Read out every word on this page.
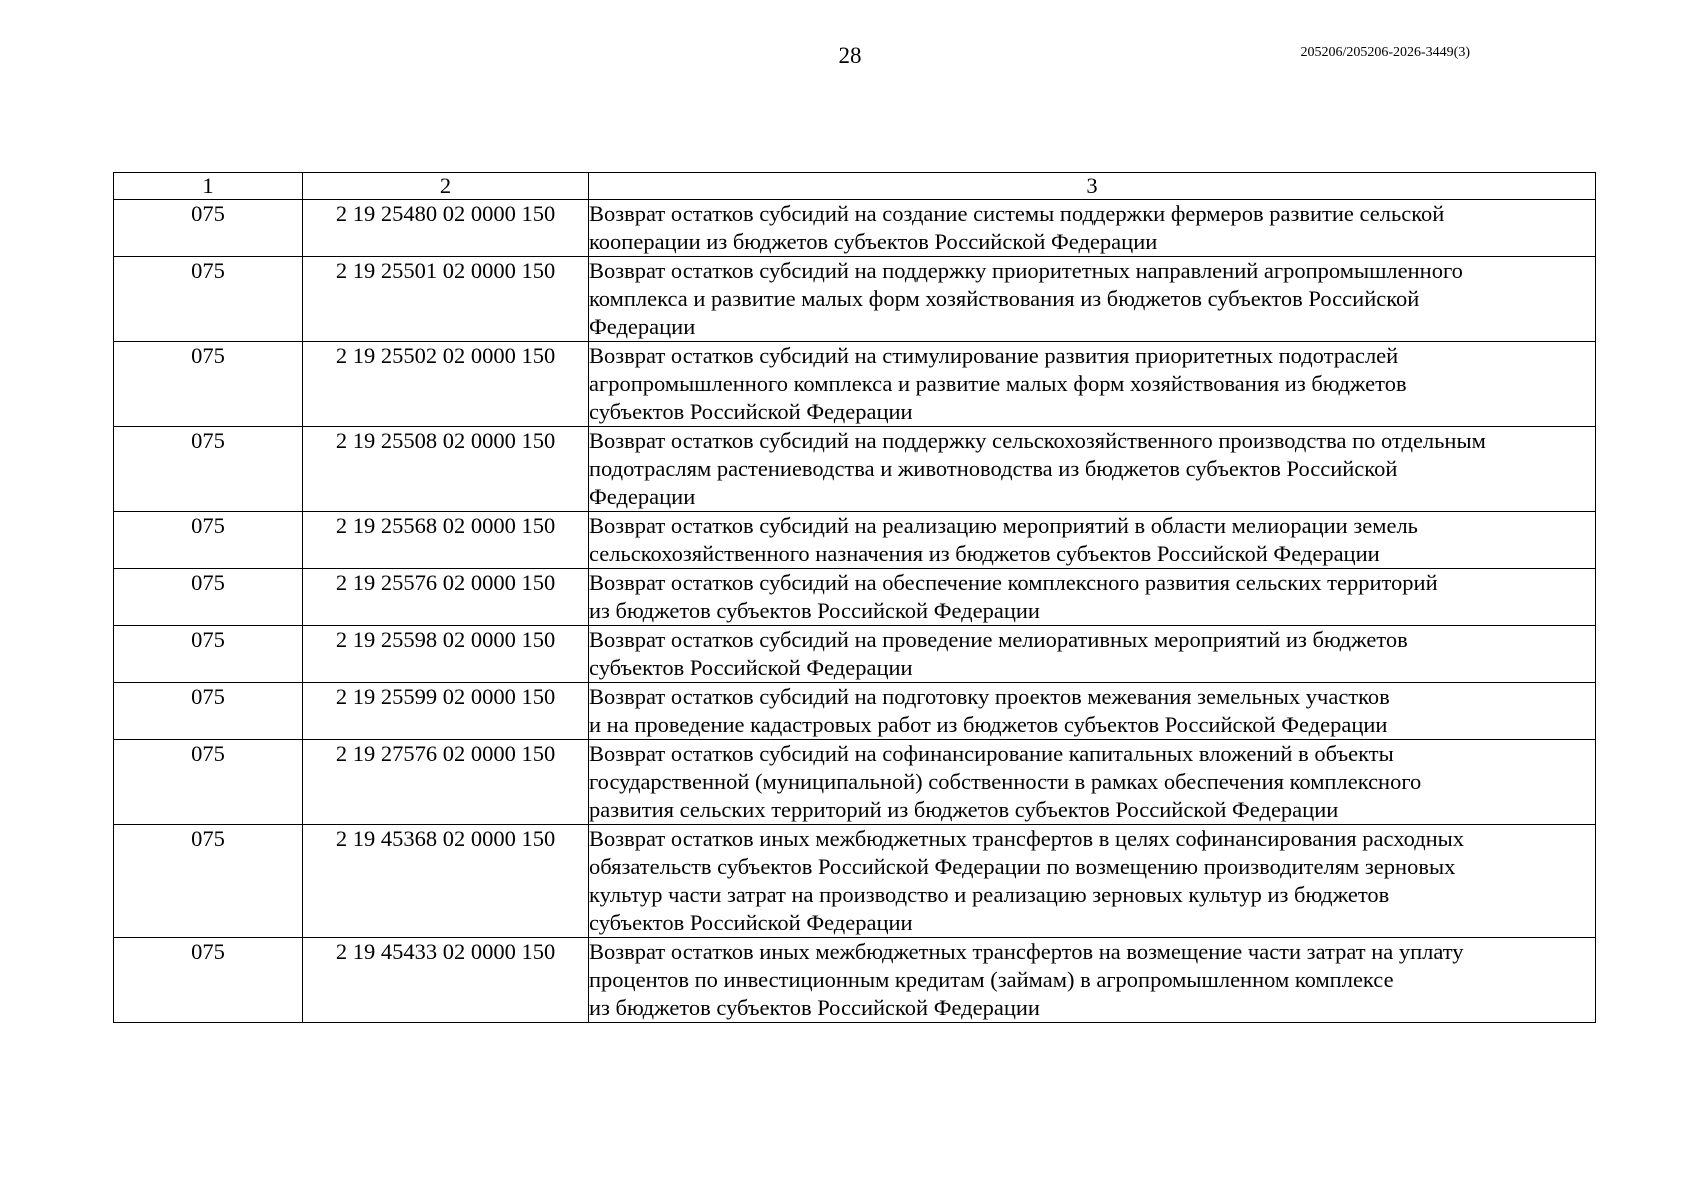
28	205206/205206-2026-3449(3)
1	2	3
075	2 19 25480 02 0000 150	Возврат остатков субсидий на создание системы поддержки фермеров развитие сельской
кооперации из бюджетов субъектов Российской Федерации

075	2 19 25501 02 0000 150	Возврат остатков субсидий на поддержку приоритетных направлений агропромышленного
комплекса и развитие малых форм хозяйствования из бюджетов субъектов Российской
Федерации

075	2 19 25502 02 0000 150	Возврат остатков субсидий на стимулирование развития приоритетных подотраслей
агропромышленного комплекса и развитие малых форм хозяйствования из бюджетов
субъектов Российской Федерации

075	2 19 25508 02 0000 150	Возврат остатков субсидий на поддержку сельскохозяйственного производства по отдельным
подотраслям растениеводства и животноводства из бюджетов субъектов Российской
Федерации

075	2 19 25568 02 0000 150	Возврат остатков субсидий на реализацию мероприятий в области мелиорации земель
сельскохозяйственного назначения из бюджетов субъектов Российской Федерации

075	2 19 25576 02 0000 150	Возврат остатков субсидий на обеспечение комплексного развития сельских территорий
из бюджетов субъектов Российской Федерации

075	2 19 25598 02 0000 150	Возврат остатков субсидий на проведение мелиоративных мероприятий из бюджетов
субъектов Российской Федерации

075	2 19 25599 02 0000 150	Возврат остатков субсидий на подготовку проектов межевания земельных участков
и на проведение кадастровых работ из бюджетов субъектов Российской Федерации

075	2 19 27576 02 0000 150	Возврат остатков субсидий на софинансирование капитальных вложений в объекты
государственной (муниципальной) собственности в рамках обеспечения комплексного
развития сельских территорий из бюджетов субъектов Российской Федерации

075	2 19 45368 02 0000 150	Возврат остатков иных межбюджетных трансфертов в целях софинансирования расходных
обязательств субъектов Российской Федерации по возмещению производителям зерновых
культур части затрат на производство и реализацию зерновых культур из бюджетов
субъектов Российской Федерации

075	2 19 45433 02 0000 150	Возврат остатков иных межбюджетных трансфертов на возмещение части затрат на уплату
процентов по инвестиционным кредитам (займам) в агропромышленном комплексе
из бюджетов субъектов Российской Федерации
